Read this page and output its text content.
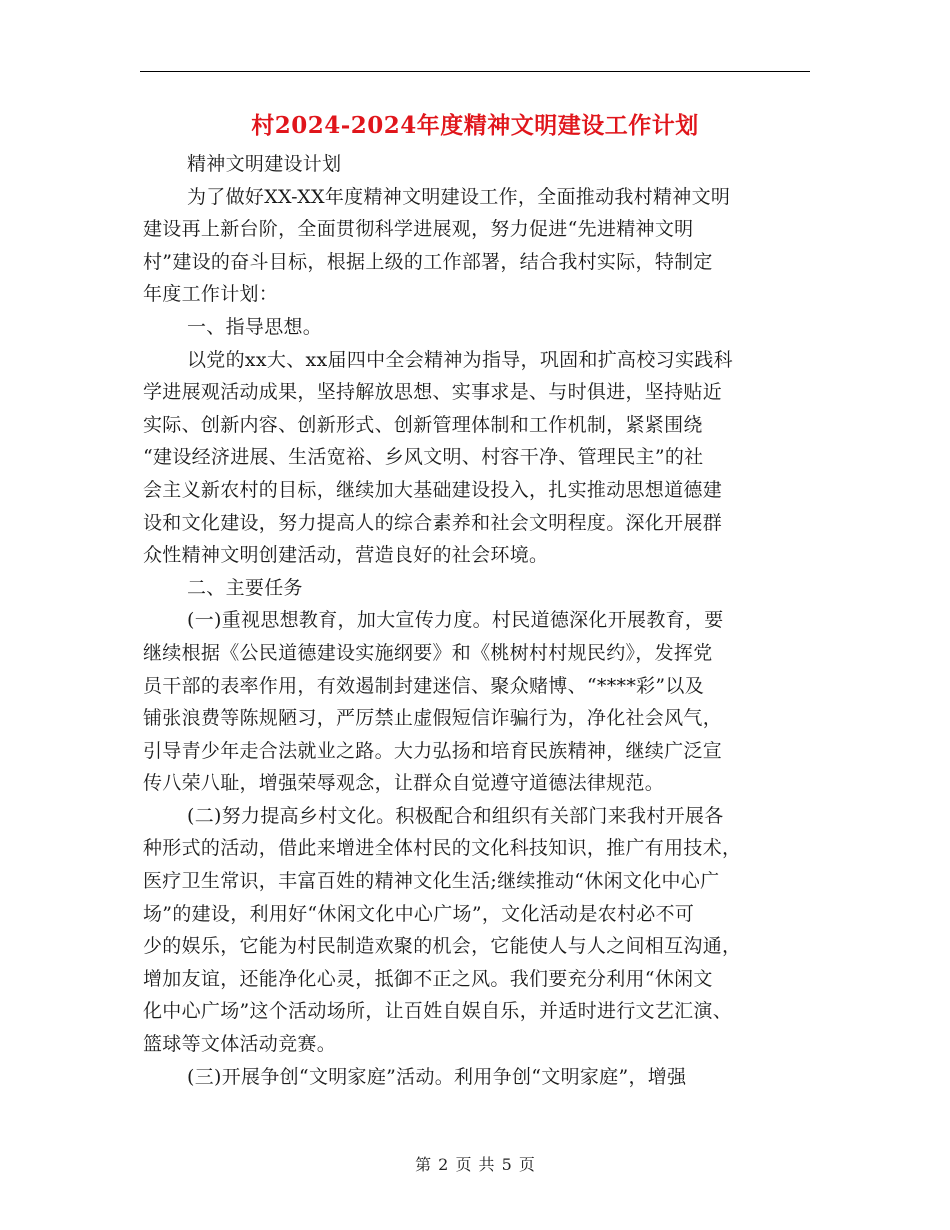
村2024-2024年度精神文明建设工作计划
精神文明建设计划
为了做好XX-XX年度精神文明建设工作，全面推动我村精神文明
建设再上新台阶，全面贯彻科学进展观，努力促进“先进精神文明
村”建设的奋斗目标，根据上级的工作部署，结合我村实际，特制定
年度工作计划：
一、指导思想。
以党的xx大、xx届四中全会精神为指导，巩固和扩高校习实践科
学进展观活动成果，坚持解放思想、实事求是、与时俱进，坚持贴近
实际、创新内容、创新形式、创新管理体制和工作机制，紧紧围绕
“建设经济进展、生活宽裕、乡风文明、村容干净、管理民主”的社
会主义新农村的目标，继续加大基础建设投入，扎实推动思想道德建
设和文化建设，努力提高人的综合素养和社会文明程度。深化开展群
众性精神文明创建活动，营造良好的社会环境。
二、主要任务
(一)重视思想教育，加大宣传力度。村民道德深化开展教育，要
继续根据《公民道德建设实施纲要》和《桃树村村规民约》，发挥党
员干部的表率作用，有效遏制封建迷信、聚众赌博、“****彩”以及
铺张浪费等陈规陋习，严厉禁止虚假短信诈骗行为，净化社会风气，
引导青少年走合法就业之路。大力弘扬和培育民族精神，继续广泛宣
传八荣八耻，增强荣辱观念，让群众自觉遵守道德法律规范。
(二)努力提高乡村文化。积极配合和组织有关部门来我村开展各
种形式的活动，借此来增进全体村民的文化科技知识，推广有用技术，
医疗卫生常识，丰富百姓的精神文化生活;继续推动“休闲文化中心广
场”的建设，利用好“休闲文化中心广场”，文化活动是农村必不可
少的娱乐，它能为村民制造欢聚的机会，它能使人与人之间相互沟通，
增加友谊，还能净化心灵，抵御不正之风。我们要充分利用“休闲文
化中心广场”这个活动场所，让百姓自娱自乐，并适时进行文艺汇演、
篮球等文体活动竞赛。
(三)开展争创“文明家庭”活动。利用争创“文明家庭”，增强
第 2 页 共 5 页
